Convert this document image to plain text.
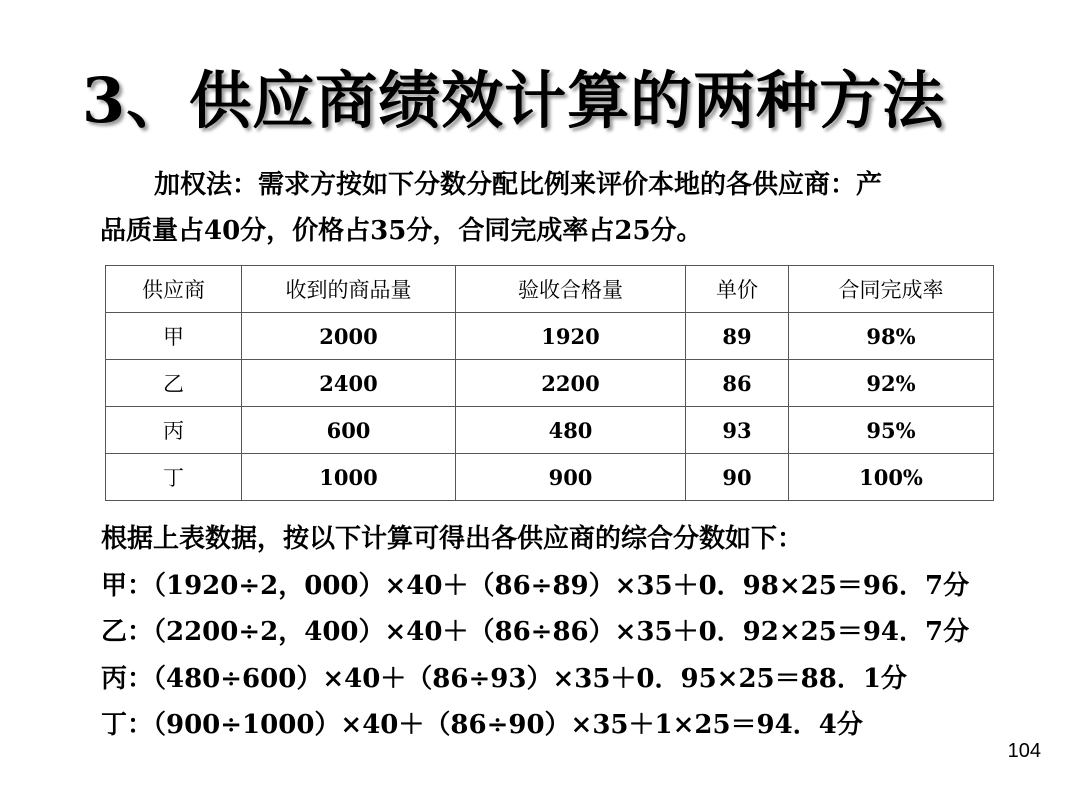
3、供应商绩效计算的两种方法
加权法：需求方按如下分数分配比例来评价本地的各供应商：产
品质量占40分，价格占35分，合同完成率占25分。
供应商	收到的商品量	验收合格量	单价	合同完成率
甲	2000	1920	89	98%
乙	2400	2200	86	92%
丙	600	480	93	95%
丁	1000	900	90	100%
根据上表数据，按以下计算可得出各供应商的综合分数如下：
甲：（1920÷2，000）×40＋（86÷89）×35＋0．98×25＝96．7分
乙：（2200÷2，400）×40＋（86÷86）×35＋0．92×25＝94．7分
丙：（480÷600）×40＋（86÷93）×35＋0．95×25＝88．1分
丁：（900÷1000）×40＋（86÷90）×35＋1×25＝94．4分
104
